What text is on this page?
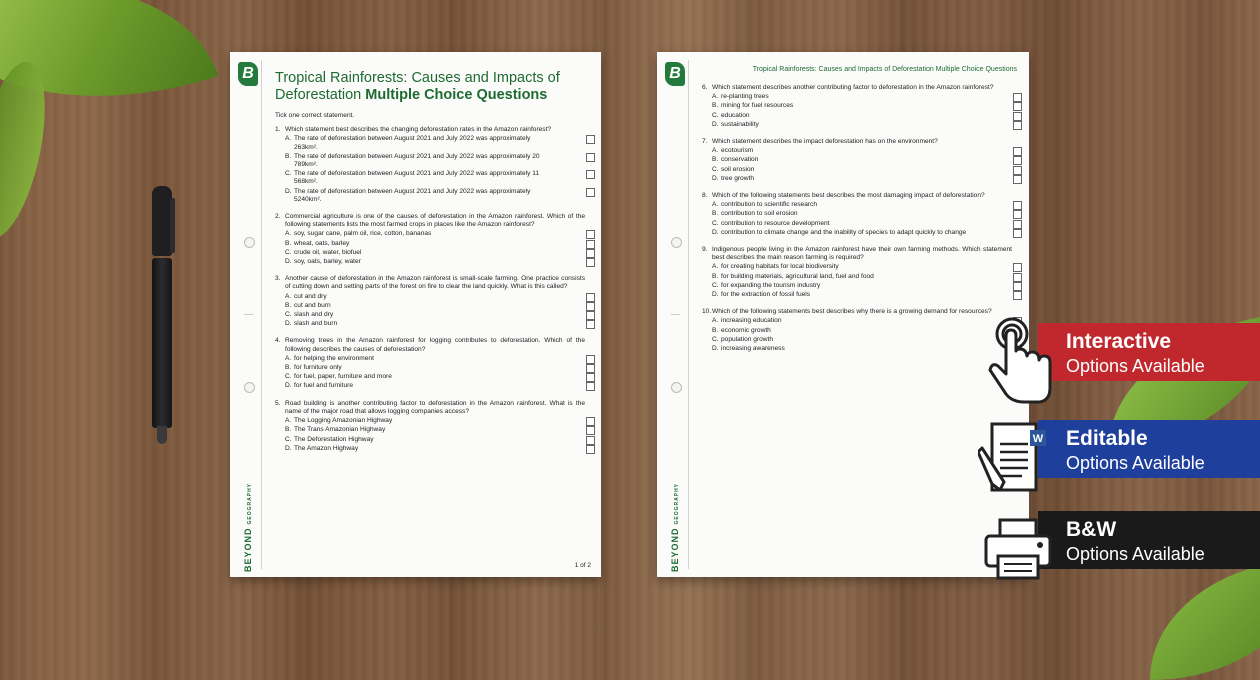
B Tropical Rainforests: Causes and Impacts of Deforestation Multiple Choice Questions
Tick one correct statement.
1. Which statement best describes the changing deforestation rates in the Amazon rainforest?
A. The rate of deforestation between August 2021 and July 2022 was approximately 263km².
B. The rate of deforestation between August 2021 and July 2022 was approximately 20 789km².
C. The rate of deforestation between August 2021 and July 2022 was approximately 11 568km².
D. The rate of deforestation between August 2021 and July 2022 was approximately 5240km².
2. Commercial agriculture is one of the causes of deforestation in the Amazon rainforest. Which of the following statements lists the most farmed crops in places like the Amazon rainforest?
A. soy, sugar cane, palm oil, rice, cotton, bananas
B. wheat, oats, barley
C. crude oil, water, biofuel
D. soy, oats, barley, water
3. Another cause of deforestation in the Amazon rainforest is small-scale farming. One practice consists of cutting down and setting parts of the forest on fire to clear the land quickly. What is this called?
A. cut and dry
B. cut and burn
C. slash and dry
D. slash and burn
4. Removing trees in the Amazon rainforest for logging contributes to deforestation. Which of the following describes the causes of deforestation?
A. for helping the environment
B. for furniture only
C. for fuel, paper, furniture and more
D. for fuel and furniture
5. Road building is another contributing factor to deforestation in the Amazon rainforest. What is the name of the major road that allows logging companies access?
A. The Logging Amazonian Highway
B. The Trans Amazonian Highway
C. The Deforestation Highway
D. The Amazon Highway
BEYONDGEOGRAPHY
1 of 2
B	Tropical Rainforests: Causes and Impacts of Deforestation Multiple Choice Questions
6. Which statement describes another contributing factor to deforestation in the Amazon rainforest?
A. re-planting trees
B. mining for fuel resources
C. education
D. sustainability
7. Which statement describes the impact deforestation has on the environment?
A. ecotourism
B. conservation
C. soil erosion
D. tree growth
8. Which of the following statements best describes the most damaging impact of deforestation?
A. contribution to scientific research
B. contribution to soil erosion
C. contribution to resource development
D. contribution to climate change and the inability of species to adapt quickly to change
9. Indigenous people living in the Amazon rainforest have their own farming methods. Which statement best describes the main reason farming is required?
A. for creating habitats for local biodiversity
B. for building materials, agricultural land, fuel and food
C. for expanding the tourism industry
D. for the extraction of fossil fuels
10. Which of the following statements best describes why there is a growing demand for resources?
A. increasing education
B. economic growth
C. population growth
D. increasing awareness
BEYONDGEOGRAPHY
Interactive
Options Available
Editable
Options Available
W
B&W
Options Available
